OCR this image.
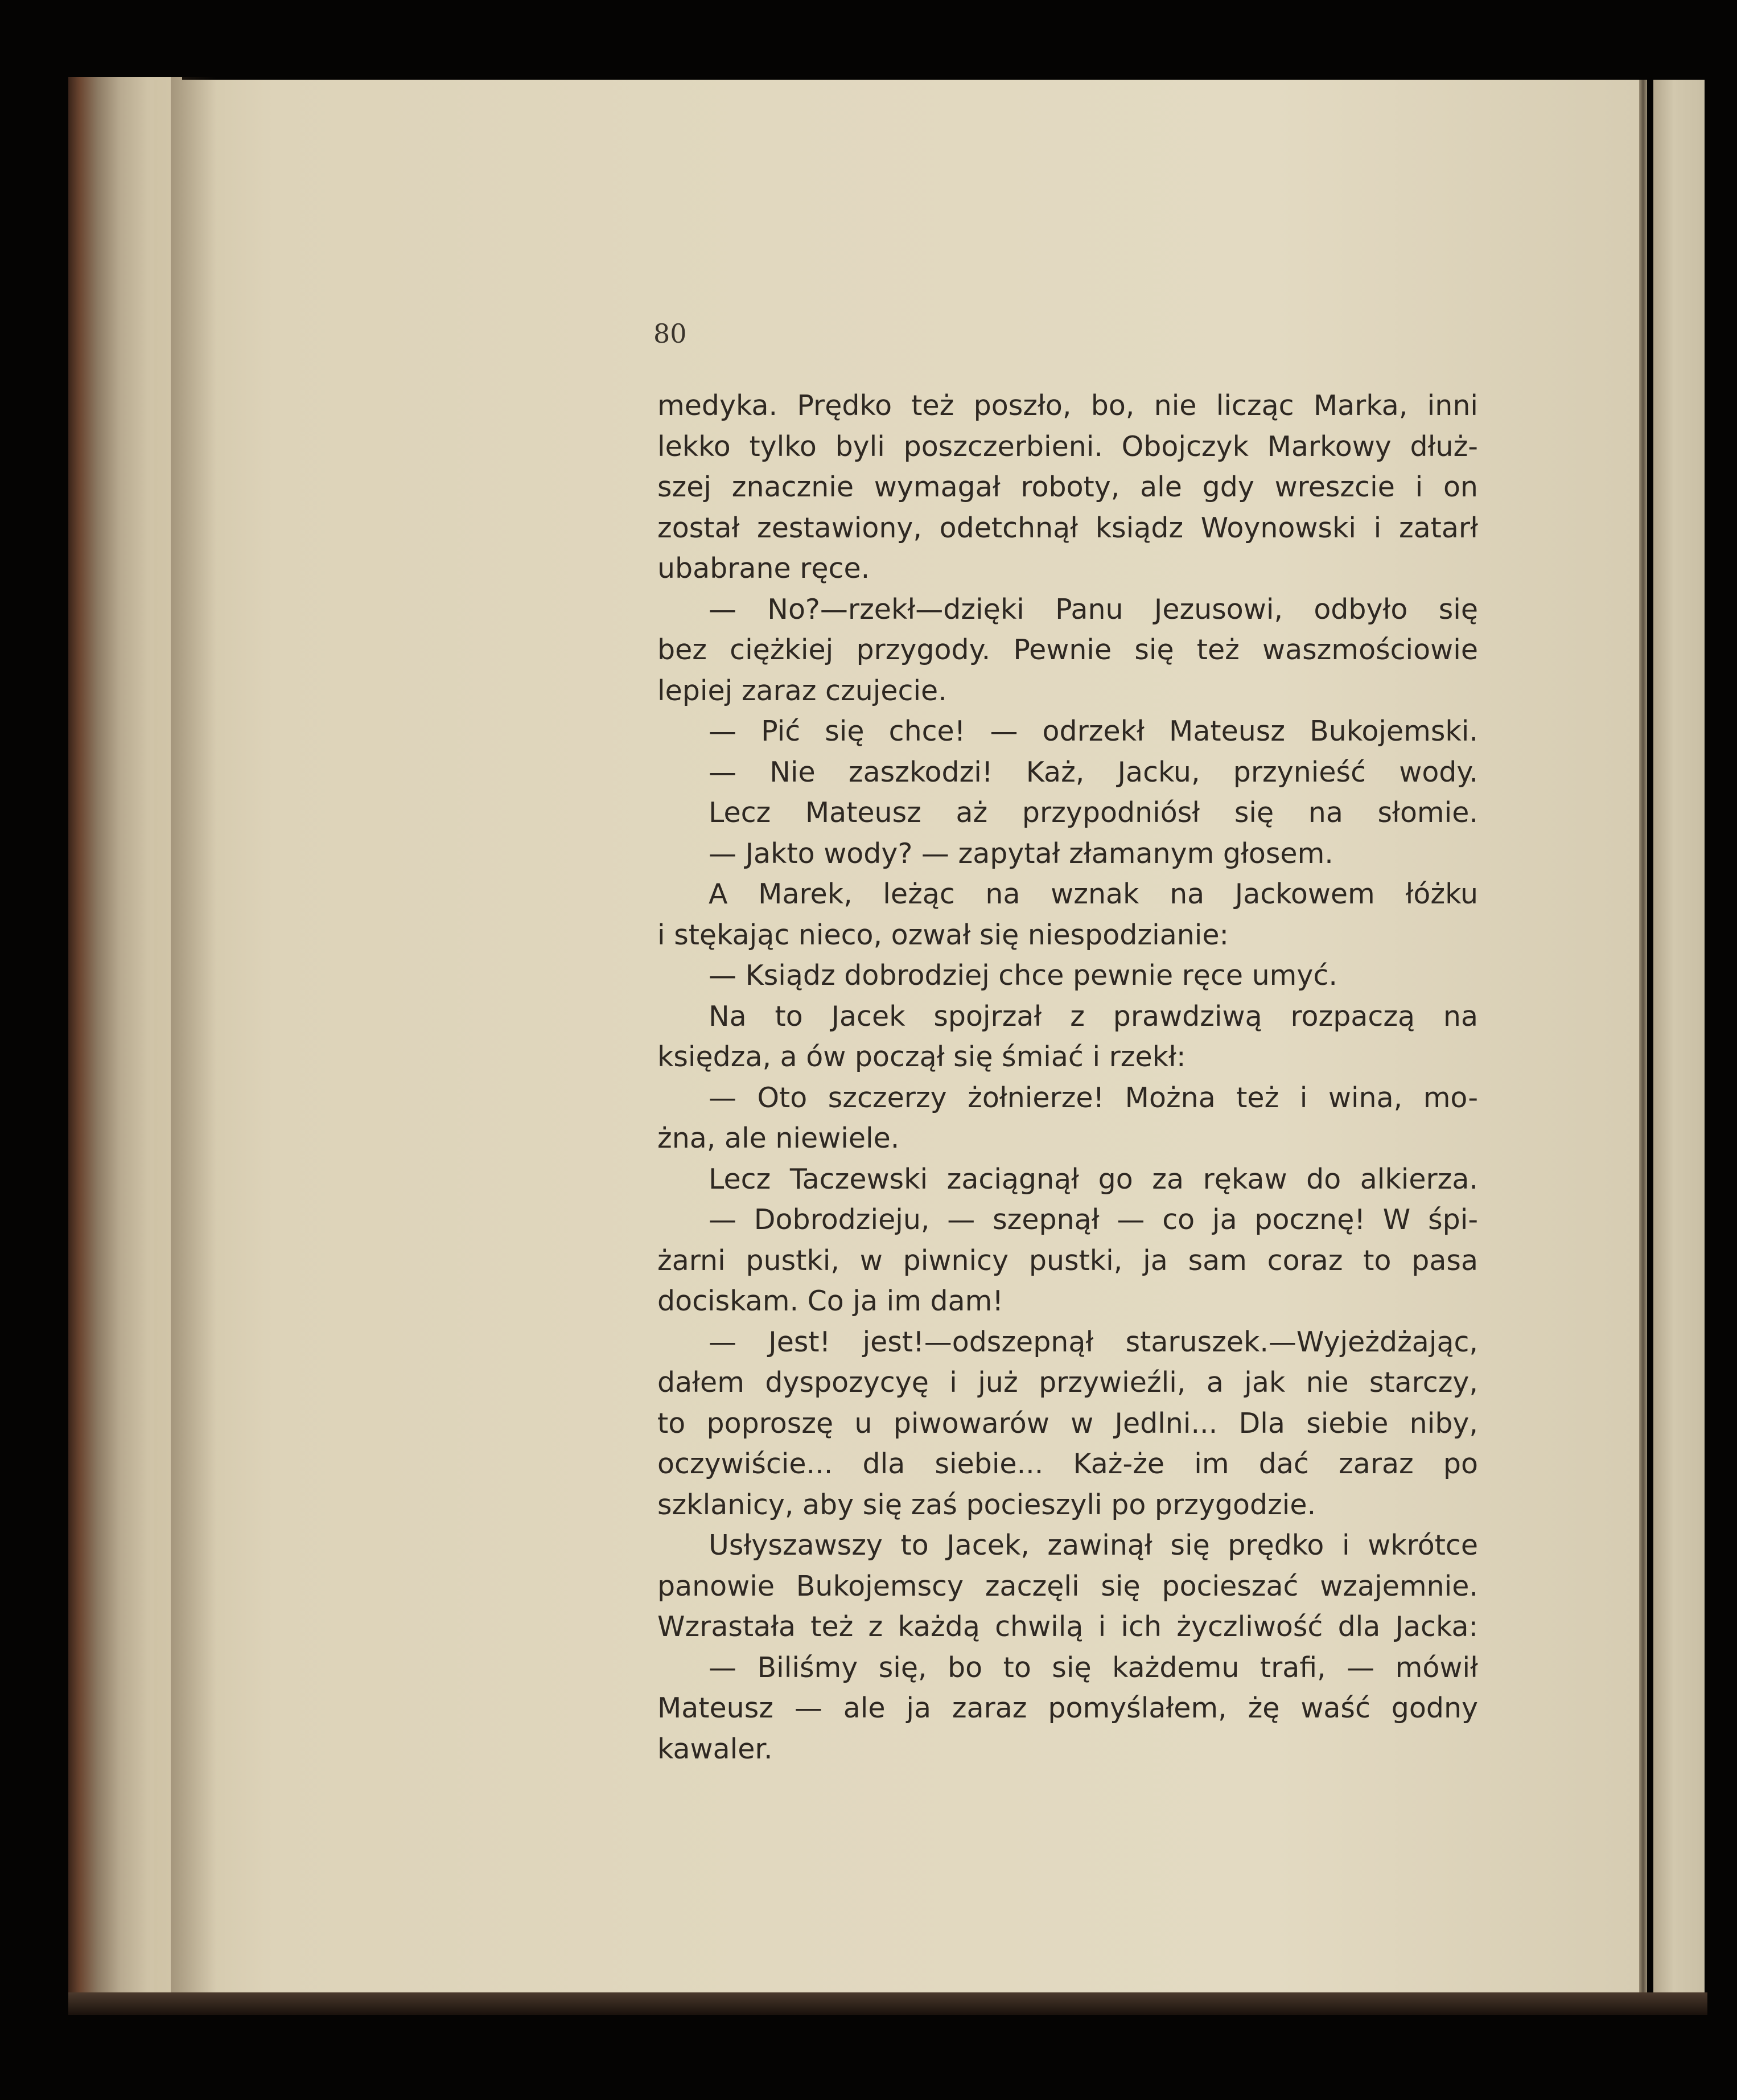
80
medyka. Prędko też poszło, bo, nie licząc Marka, inni
lekko tylko byli poszczerbieni. Obojczyk Markowy dłuż-
szej znacznie wymagał roboty, ale gdy wreszcie i on
został zestawiony, odetchnął ksiądz Woynowski i zatarł
ubabrane ręce.
— No?—rzekł—dzięki Panu Jezusowi, odbyło się
bez ciężkiej przygody. Pewnie się też waszmościowie
lepiej zaraz czujecie.
— Pić się chce! — odrzekł Mateusz Bukojemski.
— Nie zaszkodzi! Każ, Jacku, przynieść wody.
Lecz Mateusz aż przypodniósł się na słomie.
— Jakto wody? — zapytał złamanym głosem.
A Marek, leżąc na wznak na Jackowem łóżku
i stękając nieco, ozwał się niespodzianie:
— Ksiądz dobrodziej chce pewnie ręce umyć.
Na to Jacek spojrzał z prawdziwą rozpaczą na
księdza, a ów począł się śmiać i rzekł:
— Oto szczerzy żołnierze! Można też i wina, mo-
żna, ale niewiele.
Lecz Taczewski zaciągnął go za rękaw do alkierza.
— Dobrodzieju, — szepnął — co ja pocznę! W śpi-
żarni pustki, w piwnicy pustki, ja sam coraz to pasa
dociskam. Co ja im dam!
— Jest! jest!—odszepnął staruszek.—Wyjeżdżając,
dałem dyspozycyę i już przywieźli, a jak nie starczy,
to poproszę u piwowarów w Jedlni... Dla siebie niby,
oczywiście... dla siebie... Każ-że im dać zaraz po
szklanicy, aby się zaś pocieszyli po przygodzie.
Usłyszawszy to Jacek, zawinął się prędko i wkrótce
panowie Bukojemscy zaczęli się pocieszać wzajemnie.
Wzrastała też z każdą chwilą i ich życzliwość dla Jacka:
— Biliśmy się, bo to się każdemu trafi, — mówił
Mateusz — ale ja zaraz pomyślałem, żę waść godny
kawaler.
